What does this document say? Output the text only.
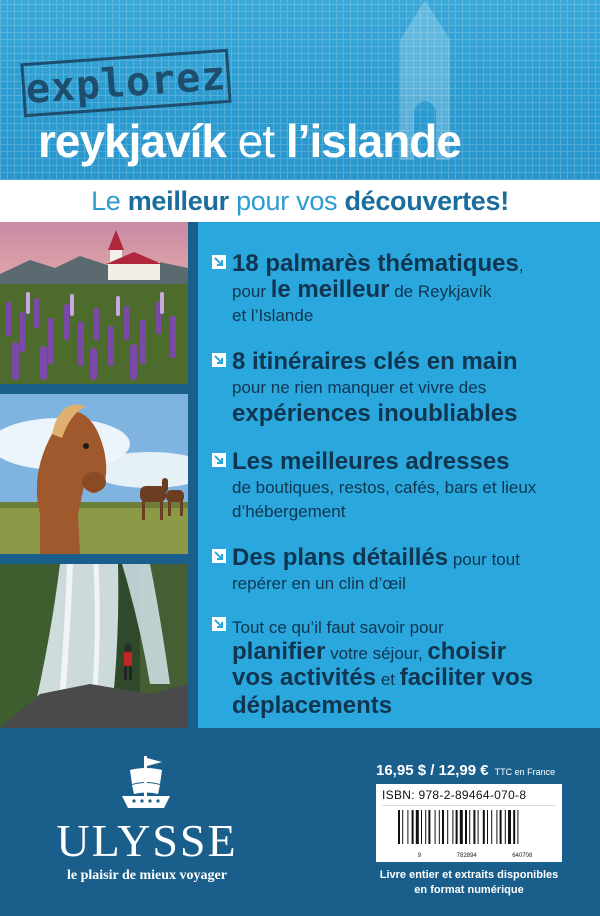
explorez
reykjavík et l’islande
Le meilleur pour vos découvertes!
18 palmarès thématiques,
pour le meilleur de Reykjavík
et l’Islande
8 itinéraires clés en main
pour ne rien manquer et vivre des
expériences inoubliables
Les meilleures adresses
de boutiques, restos, cafés, bars et lieux
d’hébergement
Des plans détaillés pour tout
repérer en un clin d’œil
Tout ce qu’il faut savoir pour
planifier votre séjour, choisir
vos activités et faciliter vos
déplacements
ULYSSE
le plaisir de mieux voyager
16,95 $ / 12,99 € TTC en France
ISBN: 978-2-89464-070-8
9	782894	640708
Livre entier et extraits disponibles
en format numérique
